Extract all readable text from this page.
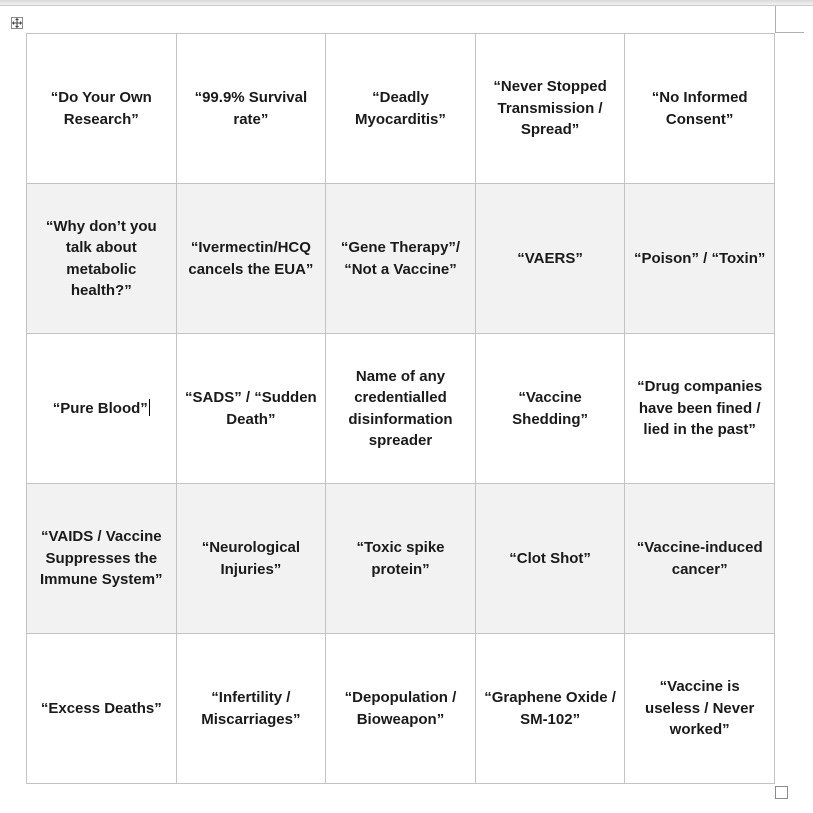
“Do Your Own Research”	“99.9% Survival rate”	“Deadly Myocarditis”	“Never Stopped Transmission / Spread”	“No Informed Consent”
“Why don’t you talk about metabolic health?”	“Ivermectin/HCQ cancels the EUA”	“Gene Therapy”/ “Not a Vaccine”	“VAERS”	“Poison” / “Toxin”
“Pure Blood”	“SADS” / “Sudden Death”	Name of any credentialled disinformation spreader	“Vaccine Shedding”	“Drug companies have been fined / lied in the past”
“VAIDS / Vaccine Suppresses the Immune System”	“Neurological Injuries”	“Toxic spike protein”	“Clot Shot”	“Vaccine-induced cancer”
“Excess Deaths”	“Infertility / Miscarriages”	“Depopulation / Bioweapon”	“Graphene Oxide / SM-102”	“Vaccine is useless / Never worked”
